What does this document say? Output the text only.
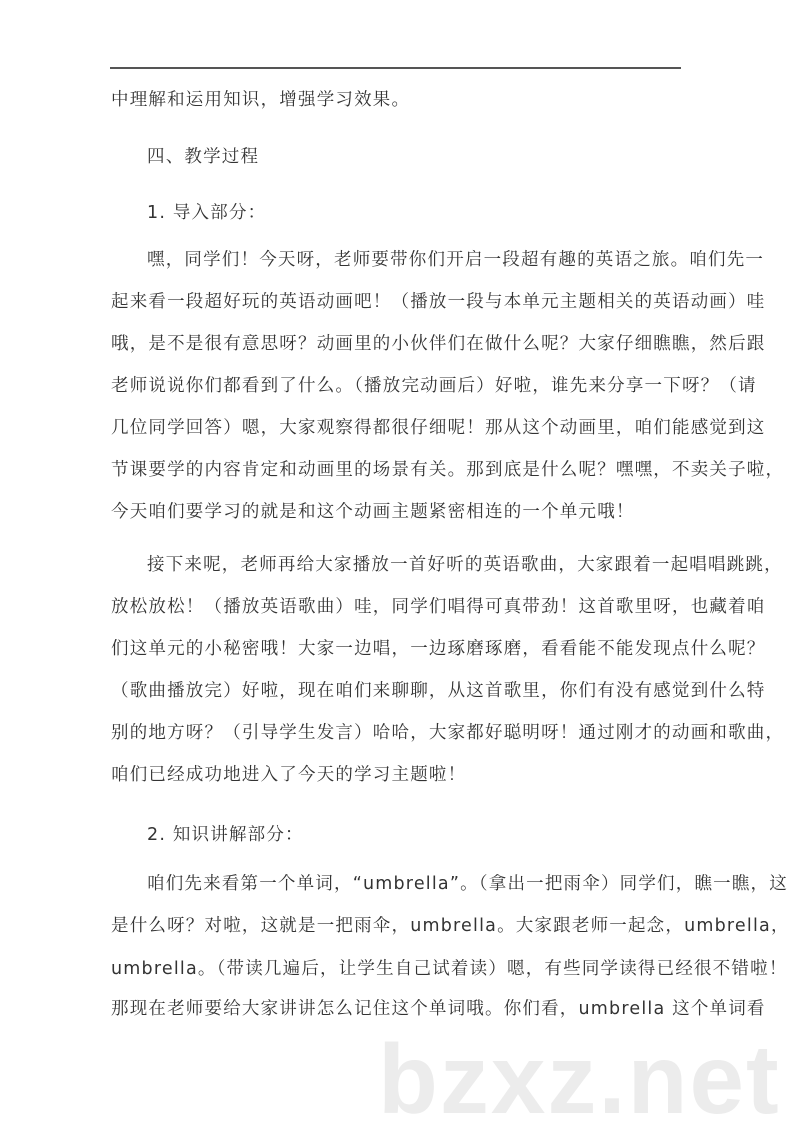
中理解和运用知识，增强学习效果。
四、教学过程
1. 导入部分：
嘿，同学们！今天呀，老师要带你们开启一段超有趣的英语之旅。咱们先一
起来看一段超好玩的英语动画吧！（播放一段与本单元主题相关的英语动画）哇
哦，是不是很有意思呀？动画里的小伙伴们在做什么呢？大家仔细瞧瞧，然后跟
老师说说你们都看到了什么。（播放完动画后）好啦，谁先来分享一下呀？（请
几位同学回答）嗯，大家观察得都很仔细呢！那从这个动画里，咱们能感觉到这
节课要学的内容肯定和动画里的场景有关。那到底是什么呢？嘿嘿，不卖关子啦，
今天咱们要学习的就是和这个动画主题紧密相连的一个单元哦！
接下来呢，老师再给大家播放一首好听的英语歌曲，大家跟着一起唱唱跳跳，
放松放松！（播放英语歌曲）哇，同学们唱得可真带劲！这首歌里呀，也藏着咱
们这单元的小秘密哦！大家一边唱，一边琢磨琢磨，看看能不能发现点什么呢？
（歌曲播放完）好啦，现在咱们来聊聊，从这首歌里，你们有没有感觉到什么特
别的地方呀？（引导学生发言）哈哈，大家都好聪明呀！通过刚才的动画和歌曲，
咱们已经成功地进入了今天的学习主题啦！
2. 知识讲解部分：
咱们先来看第一个单词，“umbrella”。（拿出一把雨伞）同学们，瞧一瞧，这
是什么呀？对啦，这就是一把雨伞，umbrella。大家跟老师一起念，umbrella，
umbrella。（带读几遍后，让学生自己试着读）嗯，有些同学读得已经很不错啦！
那现在老师要给大家讲讲怎么记住这个单词哦。你们看，umbrella 这个单词看
bzxz.net
